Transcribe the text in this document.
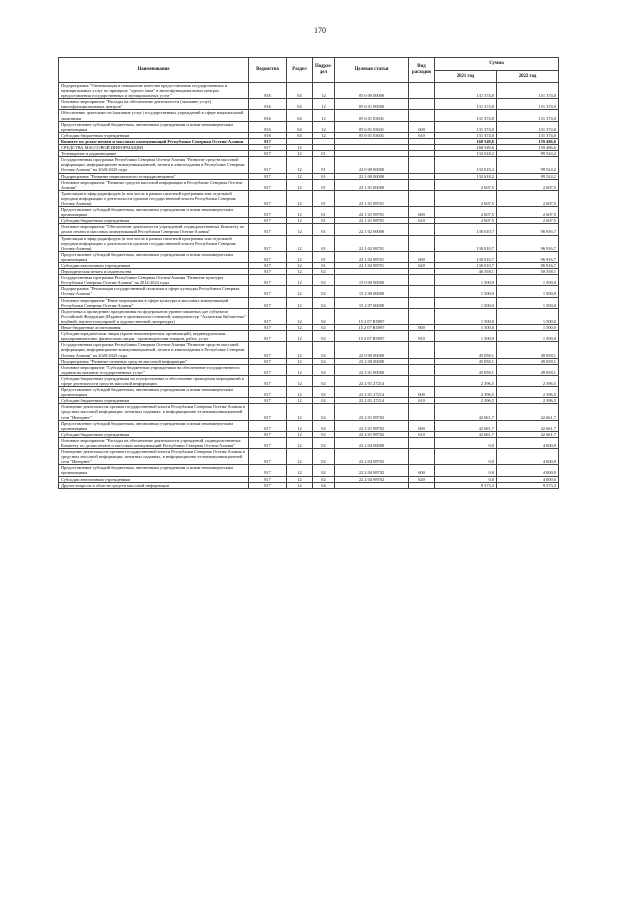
170
Наименование	Ведомство	Раздел	Подраз-дел	Целевая статья	Вид расходов	Сумма	
						2021 год	2022 год
Подпрограмма "Оптимизация и повышение качества предоставления государственных и муниципальных услуг по принципу "одного окна" в многофункциональных центрах предоставления государственных и муниципальных услуг"	816	04	12	05 6 00 00000		131 374,0	131 374,0
Основное мероприятие "Расходы на обеспечение деятельности (оказание услуг) многофункциональных центров"	816	04	12	05 6 01 00000		131 374,0	131 374,0
Обеспечение деятельности (оказание услуг) государственных учреждений в сфере национальной экономики	816	04	12	05 6 01 03041		131 374,0	131 374,0
Предоставление субсидий бюджетным, автономным учреждениям и иным некоммерческим организациям	816	04	12	05 6 01 03041	600	131 374,0	131 374,0
Субсидии бюджетным учреждениям	816	04	12	05 6 01 03041	610	131 374,0	131 374,0
Комитет по делам печати и массовых коммуникаций Республики Северная Осетия-Алания	817					168 549,6	159 486,6
СРЕДСТВА МАССОВОЙ ИНФОРМАЦИИ	817	12				168 549,6	159 486,6
Телевидение и радиовещание	817	12	01			132 618,2	99 524,2
Государственная программа Республики Северная Осетия-Алания "Развитие средств массовой информации, информационно-коммуникационной, печати и книгоиздания в Республике Северная Осетия-Алания" на 2020-2025 годы	817	12	01	22 0 00 00000		132 618,2	99 524,2
Подпрограмма "Развитие национального телерадиовещания"	817	12	01	22 1 00 00000		132 618,2	99 524,2
Основное мероприятие "Развитие средств массовой информации в Республике Северная Осетия-Алания"	817	12	01	22 1 01 00000		2 607,5	2 607,5
Трансляция в эфир радиофорум (в том числе в рамках пилотной программы или отдельной передачи информации о деятельности органов государственной власти Республики Северная Осетия-Алания)	817	12	01	22 1 01 98701		2 607,5	2 607,5
Предоставление субсидий бюджетным, автономным учреждениям и иным некоммерческим организациям	817	12	01	22 1 01 98701	600	2 607,5	2 607,5
Субсидии бюджетным учреждениям	817	12	01	22 1 01 98701	610	2 607,5	2 607,5
Основное мероприятие "Обеспечение деятельности учреждений, подведомственных Комитету по делам печати и массовых коммуникаций Республики Северная Осетия-Алания"	817	12	01	22 1 02 00000		130 010,7	96 916,7
Трансляция в эфир радиофорум (в том числе в рамках пилотной программы или отдельной передачи информации о деятельности органов государственной власти Республики Северная Осетия-Алания)	817	12	01	22 1 02 98701		130 010,7	96 916,7
Предоставление субсидий бюджетным, автономным учреждениям и иным некоммерческим организациям	817	12	01	22 1 02 98701	600	130 010,7	96 916,7
Субсидии автономным учреждениям	817	12	01	22 1 02 98701	620	130 010,7	96 916,7
Периодическая печать и издательства	817	12	02			46 558,1	50 558,1
Государственная программа Республики Северная Осетия-Алания "Развитие культуры Республики Северная Осетия-Алания" на 2014-2024 годы	817	12	02	15 0 00 00000		1 500,0	1 500,0
Подпрограмма "Реализация государственной политики в сфере культуры Республики Северная Осетия-Алания"	817	12	02	15 2 00 00000		1 500,0	1 500,0
Основное мероприятие "Иные мероприятия в сфере культуры и массовых коммуникаций Республики Северная Осетия-Алания"	817	12	02	15 2 07 00000		1 500,0	1 500,0
Подготовка к проведению празднования на федеральном уровне памятных дат субъектов Российской Федерации (Издание в оригинально-основной, кинорежиссер "Алханская библиотека" неуйной, научно-популярной и художественной литературы)	817	12	02	15 2 07 R5097		1 500,0	1 500,0
Иные бюджетные ассигнования	817	12	02	15 2 07 R5097	800	1 500,0	1 500,0
Субсидии юридическим лицам (кроме некоммерческих организаций), индивидуальным предпринимателям, физическим лицам - производителям товаров, работ, услуг	817	12	02	15 2 07 R5097	810	1 500,0	1 500,0
Государственная программа Республики Северная Осетия-Алания "Развитие средств массовой информации, информационно-коммуникационной, печати и книгоиздания в Республике Северная Осетия-Алания" на 2020-2025 годы	817	12	02	22 0 00 00000		45 058,1	49 058,1
Подпрограмма "Развитие печатных средств массовой информации"	817	12	02	22 2 00 00000		45 058,1	49 058,1
Основное мероприятие "Субсидии бюджетным учреждениям на обеспечение государственного задания на оказание государственных услуг"	817	12	02	22 2 01 00000		45 058,1	49 058,1
Субсидии бюджетным учреждениям на осуществление и обеспечение проведения мероприятий в сфере деятельности средств массовой информации	817	12	02	22 2 01 27214		2 396,5	2 396,5
Предоставление субсидий бюджетным, автономным учреждениям и иным некоммерческим организациям	817	12	02	22 2 01 27214	600	2 396,5	2 396,5
Субсидии бюджетным учреждениям	817	12	02	22 2 01 27214	610	2 396,5	2 396,5
Освещение деятельности органов государственной власти Республики Северная Осетия-Алания в средствах массовой информации, печатных изданиях, в информационно-телекоммуникационной сети "Интернет"	817	12	02	22 2 01 98702		42 661,7	42 661,7
Предоставление субсидий бюджетным, автономным учреждениям и иным некоммерческим организациям	817	12	02	22 2 01 98702	600	42 661,7	42 661,7
Субсидии бюджетным учреждениям	817	12	02	22 2 01 98702	610	42 661,7	42 661,7
Основное мероприятие "Расходы на обеспечение деятельности учреждений, подведомственных Комитету по делам печати и массовых коммуникаций Республики Северная Осетия-Алания"	817	12	02	22 2 04 00000		0,0	4 000,0
Освещение деятельности органов государственной власти Республики Северная Осетия-Алания в средствах массовой информации, печатных изданиях, в информационно-телекоммуникационной сети "Интернет"	817	12	02	22 2 04 98702		0,0	4 000,0
Предоставление субсидий бюджетным, автономным учреждениям и иным некоммерческим организациям	817	12	02	22 2 04 98702	600	0,0	4 000,0
Субсидии автономным учреждениям	817	12	02	22 2 04 98702	620	0,0	4 000,0
Другие вопросы в области средств массовой информации	817	12	04			9 373,3	9 373,3
